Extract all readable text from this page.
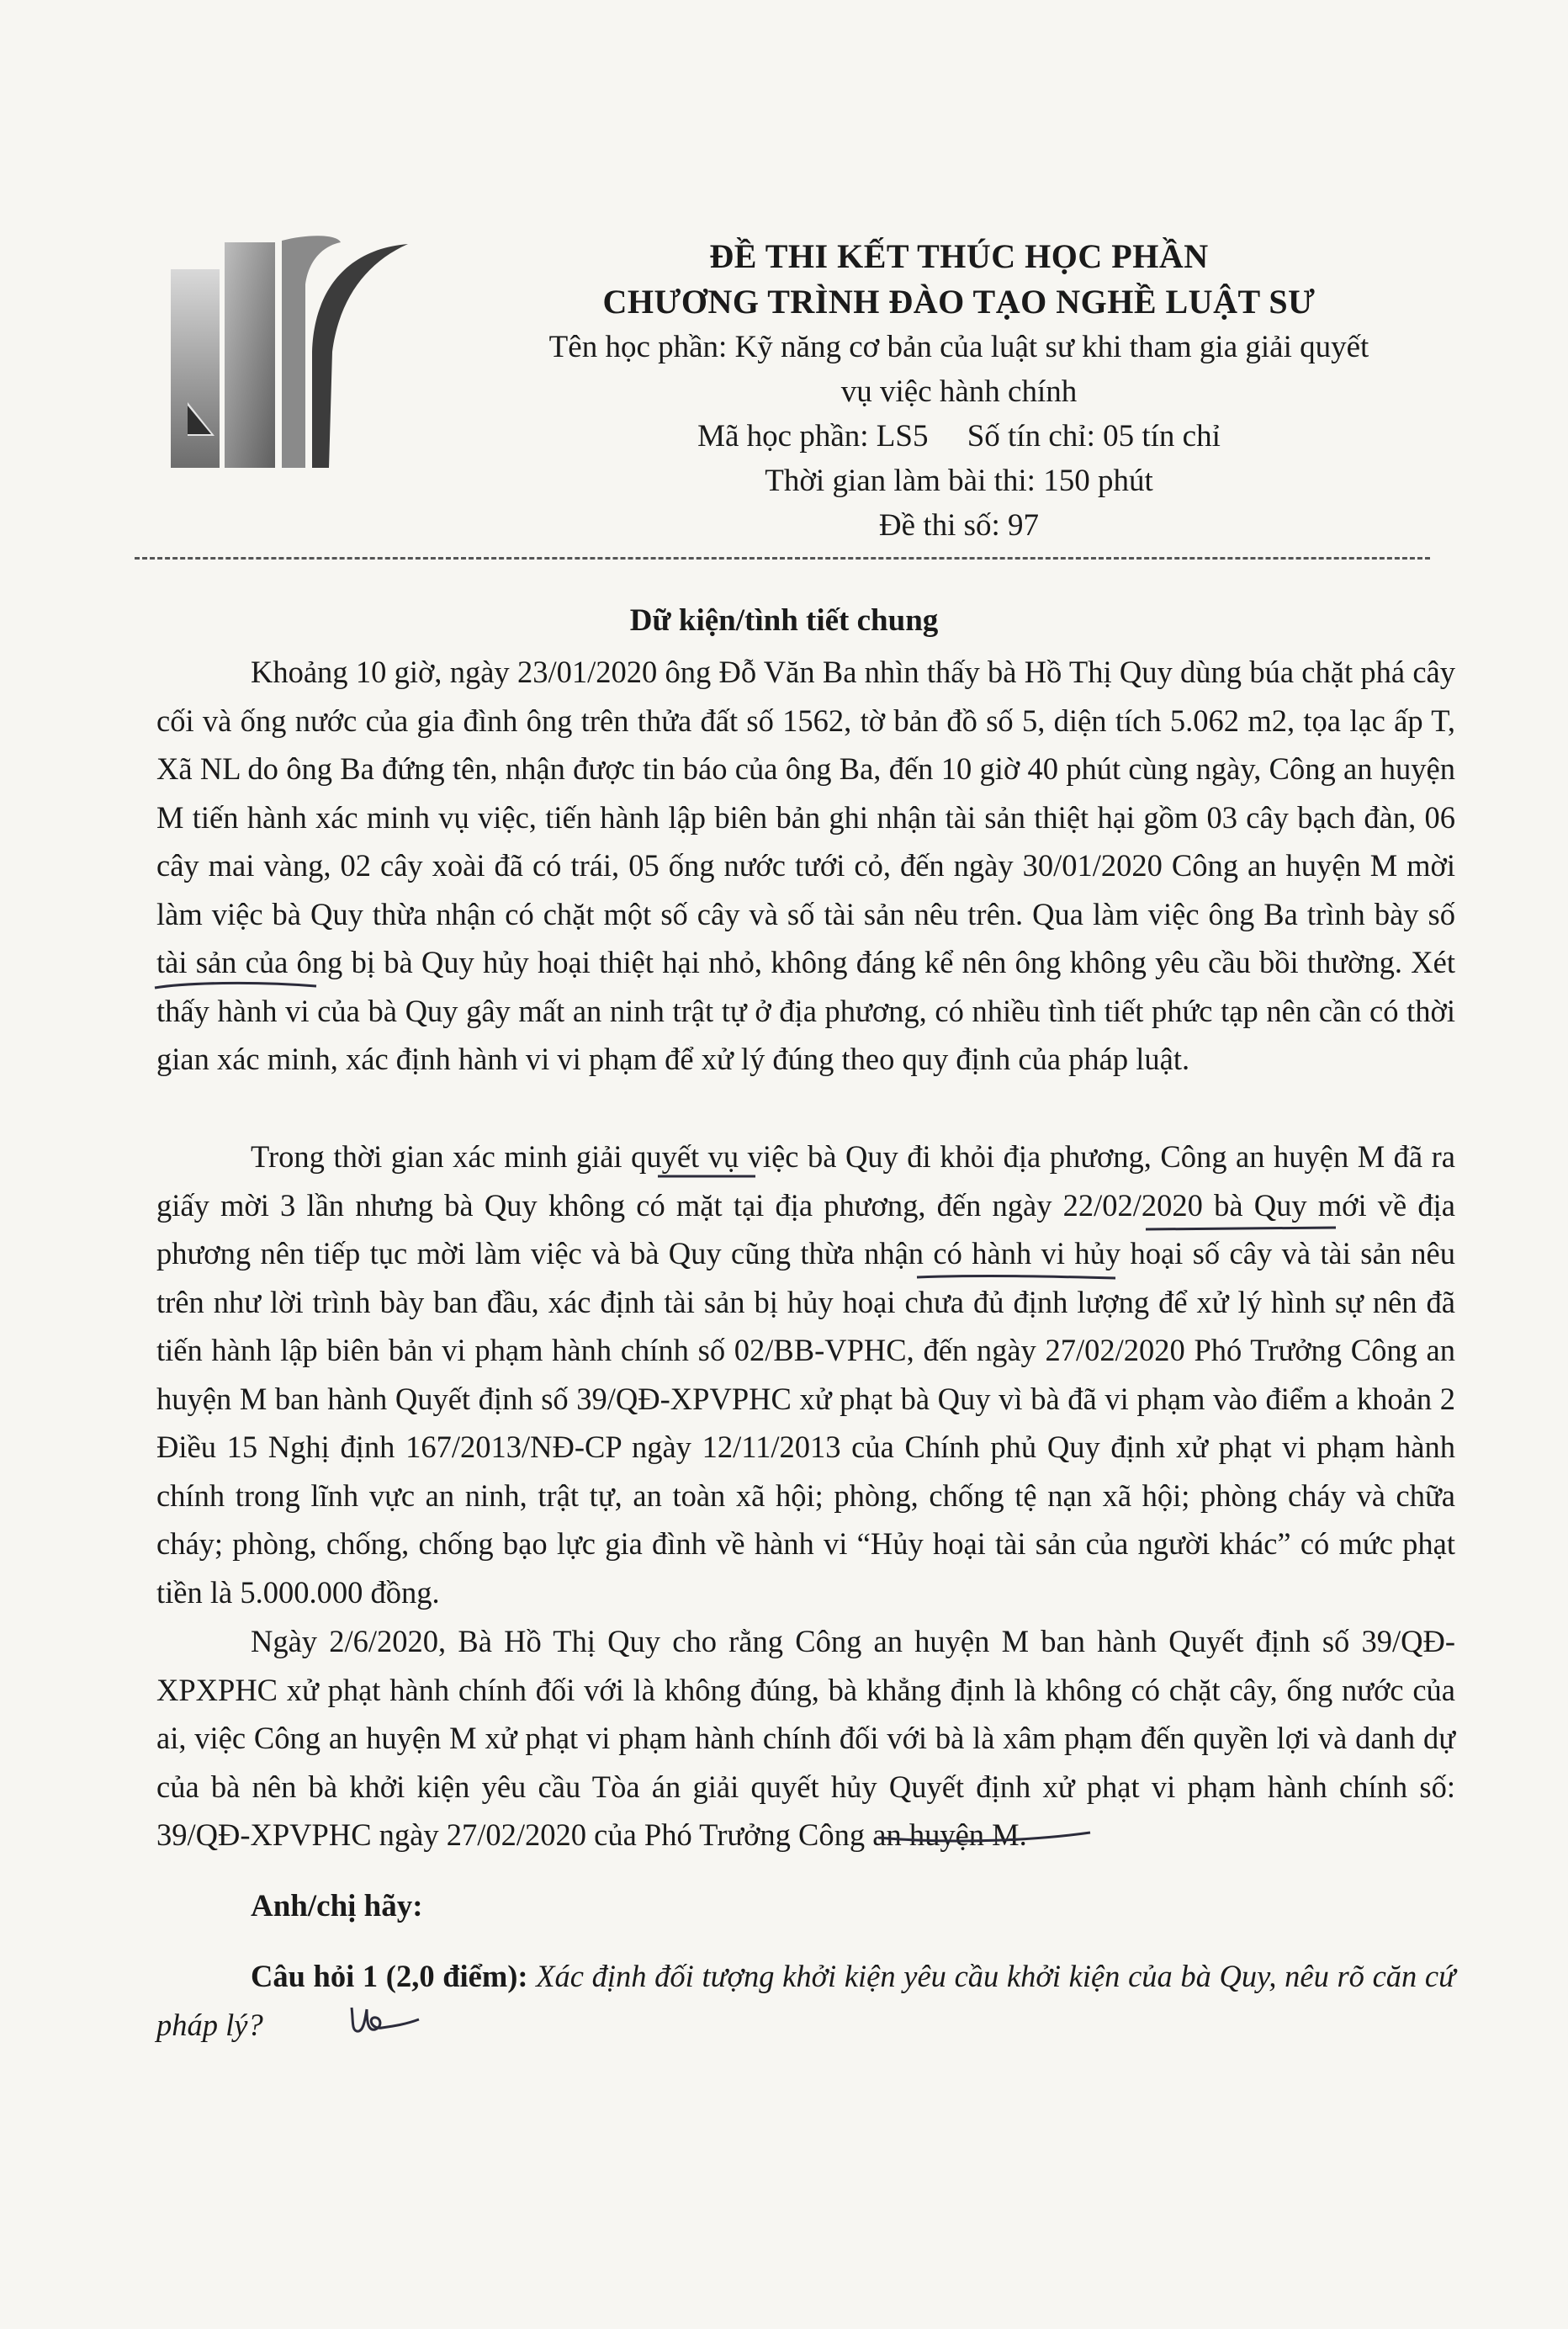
ĐỀ THI KẾT THÚC HỌC PHẦN
CHƯƠNG TRÌNH ĐÀO TẠO NGHỀ LUẬT SƯ
Tên học phần: Kỹ năng cơ bản của luật sư khi tham gia giải quyết
vụ việc hành chính
Mã học phần: LS5 Số tín chỉ: 05 tín chỉ
Thời gian làm bài thi: 150 phút
Đề thi số: 97
Dữ kiện/tình tiết chung

Khoảng 10 giờ, ngày 23/01/2020 ông Đỗ Văn Ba nhìn thấy bà Hồ Thị Quy dùng búa chặt phá cây cối và ống nước của gia đình ông trên thửa đất số 1562, tờ bản đồ số 5, diện tích 5.062 m2, tọa lạc ấp T, Xã NL do ông Ba đứng tên, nhận được tin báo của ông Ba, đến 10 giờ 40 phút cùng ngày, Công an huyện M tiến hành xác minh vụ việc, tiến hành lập biên bản ghi nhận tài sản thiệt hại gồm 03 cây bạch đàn, 06 cây mai vàng, 02 cây xoài đã có trái, 05 ống nước tưới cỏ, đến ngày 30/01/2020 Công an huyện M mời làm việc bà Quy thừa nhận có chặt một số cây và số tài sản nêu trên. Qua làm việc ông Ba trình bày số tài sản của ông bị bà Quy hủy hoại thiệt hại nhỏ, không đáng kể nên ông không yêu cầu bồi thường. Xét thấy hành vi của bà Quy gây mất an ninh trật tự ở địa phương, có nhiều tình tiết phức tạp nên cần có thời gian xác minh, xác định hành vi vi phạm để xử lý đúng theo quy định của pháp luật.

Trong thời gian xác minh giải quyết vụ việc bà Quy đi khỏi địa phương, Công an huyện M đã ra giấy mời 3 lần nhưng bà Quy không có mặt tại địa phương, đến ngày 22/02/2020 bà Quy mới về địa phương nên tiếp tục mời làm việc và bà Quy cũng thừa nhận có hành vi hủy hoại số cây và tài sản nêu trên như lời trình bày ban đầu, xác định tài sản bị hủy hoại chưa đủ định lượng để xử lý hình sự nên đã tiến hành lập biên bản vi phạm hành chính số 02/BB-VPHC, đến ngày 27/02/2020 Phó Trưởng Công an huyện M ban hành Quyết định số 39/QĐ-XPVPHC xử phạt bà Quy vì bà đã vi phạm vào điểm a khoản 2 Điều 15 Nghị định 167/2013/NĐ-CP ngày 12/11/2013 của Chính phủ Quy định xử phạt vi phạm hành chính trong lĩnh vực an ninh, trật tự, an toàn xã hội; phòng, chống tệ nạn xã hội; phòng cháy và chữa cháy; phòng, chống, chống bạo lực gia đình về hành vi “Hủy hoại tài sản của người khác” có mức phạt tiền là 5.000.000 đồng.

Ngày 2/6/2020, Bà Hồ Thị Quy cho rằng Công an huyện M ban hành Quyết định số 39/QĐ-XPXPHC xử phạt hành chính đối với là không đúng, bà khẳng định là không có chặt cây, ống nước của ai, việc Công an huyện M xử phạt vi phạm hành chính đối với bà là xâm phạm đến quyền lợi và danh dự của bà nên bà khởi kiện yêu cầu Tòa án giải quyết hủy Quyết định xử phạt vi phạm hành chính số: 39/QĐ-XPVPHC ngày 27/02/2020 của Phó Trưởng Công an huyện M.

Anh/chị hãy:

Câu hỏi 1 (2,0 điểm): Xác định đối tượng khởi kiện yêu cầu khởi kiện của bà Quy, nêu rõ căn cứ pháp lý?
